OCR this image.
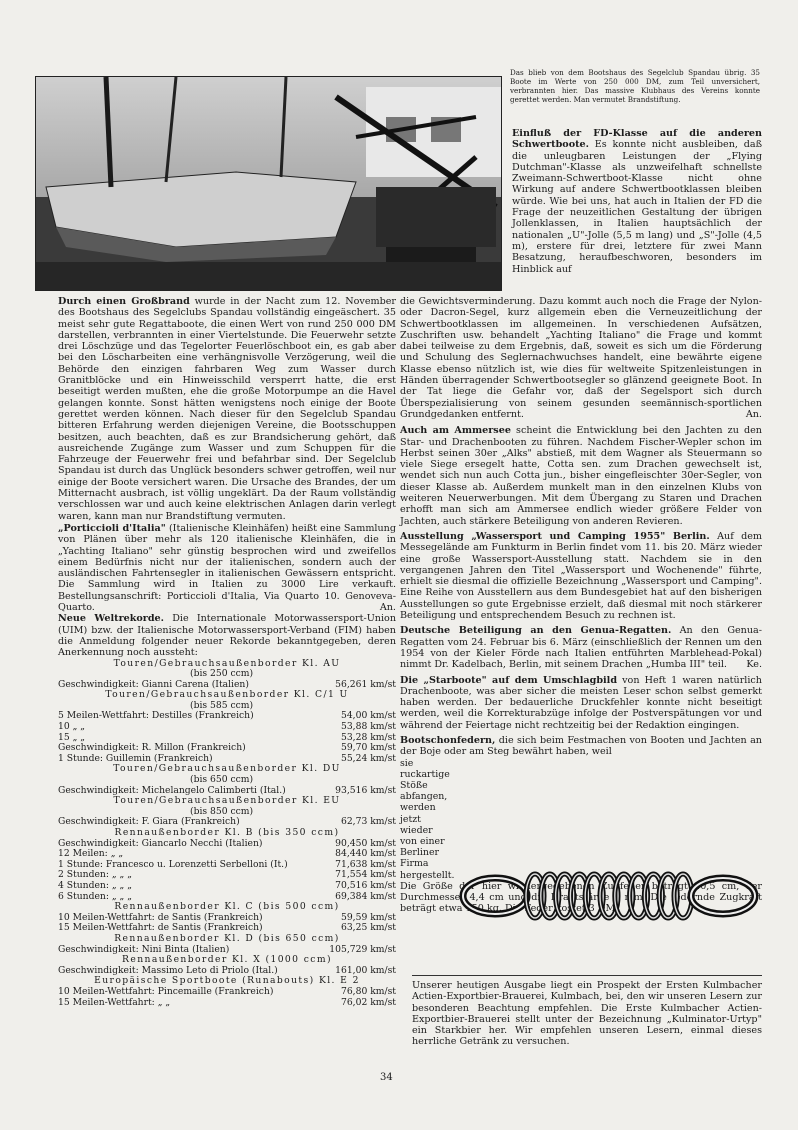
Das blieb von dem Bootshaus des Segelclub Spandau übrig. 35 Boote im Werte von 250 000 DM, zum Teil unversichert, verbrannten hier. Das massive Klubhaus des Vereins konnte gerettet werden. Man vermutet Brandstiftung.

Einfluß der FD-Klasse auf die anderen Schwertboote. Es konnte nicht ausbleiben, daß die unleugbaren Leistungen der „Flying Dutchman"-Klasse als unzweifelhaft schnellste Zweimann-Schwertboot-Klasse nicht ohne Wirkung auf andere Schwertbootklassen bleiben würde. Wie bei uns, hat auch in Italien der FD die Frage der neuzeitlichen Gestaltung der übrigen Jollenklassen, in Italien hauptsächlich der nationalen „U"-Jolle (5,5 m lang) und „S"-Jolle (4,5 m), erstere für drei, letztere für zwei Mann Besatzung, heraufbeschworen, besonders im Hinblick auf

Durch einen Großbrand wurde in der Nacht zum 12. November des Bootshaus des Segelclubs Spandau vollständig eingeäschert. 35 meist sehr gute Regattaboote, die einen Wert von rund 250 000 DM darstellen, verbrannten in einer Viertelstunde. Die Feuerwehr setzte drei Löschzüge und das Tegelorter Feuerlöschboot ein, es gab aber bei den Löscharbeiten eine verhängnisvolle Verzögerung, weil die Behörde den einzigen fahrbaren Weg zum Wasser durch Granitblöcke und ein Hinweisschild versperrt hatte, die erst beseitigt werden mußten, ehe die große Motorpumpe an die Havel gelangen konnte. Sonst hätten wenigstens noch einige der Boote gerettet werden können. Nach dieser für den Segelclub Spandau bitteren Erfahrung werden diejenigen Vereine, die Bootsschuppen besitzen, auch beachten, daß es zur Brandsicherung gehört, daß ausreichende Zugänge zum Wasser und zum Schuppen für die Fahrzeuge der Feuerwehr frei und befahrbar sind. Der Segelclub Spandau ist durch das Unglück besonders schwer getroffen, weil nur einige der Boote versichert waren. Die Ursache des Brandes, der um Mitternacht ausbrach, ist völlig ungeklärt. Da der Raum vollständig verschlossen war und auch keine elektrischen Anlagen darin verlegt waren, kann man nur Brandstiftung vermuten.

„Porticcioli d'Italia" (Italienische Kleinhäfen) heißt eine Sammlung von Plänen über mehr als 120 italienische Kleinhäfen, die in „Yachting Italiano" sehr günstig besprochen wird und zweifellos einem Bedürfnis nicht nur der italienischen, sondern auch der ausländischen Fahrtensegler in italienischen Gewässern entspricht. Die Sammlung wird in Italien zu 3000 Lire verkauft. Bestellungsanschrift: Porticcioli d'Italia, Via Quarto 10. Genoveva-Quarto.	An.

Neue Weltrekorde. Die Internationale Motorwassersport-Union (UIM) bzw. der Italienische Motorwassersport-Verband (FIM) haben die Anmeldung folgender neuer Rekorde bekanntgegeben, deren Anerkennung noch aussteht:

Touren/Gebrauchsaußenborder Kl. AU
(bis 250 ccm)
Geschwindigkeit: Gianni Carena (Italien)	56,261 km/st
Touren/Gebrauchsaußenborder Kl. C/1 U
(bis 585 ccm)
5 Meilen-Wettfahrt: Destilles (Frankreich)	54,00 km/st
10 „ „	53,88 km/st
15 „ „	53,28 km/st
Geschwindigkeit: R. Millon (Frankreich)	59,70 km/st
1 Stunde: Guillemin (Frankreich)	55,24 km/st
Touren/Gebrauchsaußenborder Kl. DU
(bis 650 ccm)
Geschwindigkeit: Michelangelo Calimberti (Ital.)	93,516 km/st
Touren/Gebrauchsaußenborder Kl. EU
(bis 850 ccm)
Geschwindigkeit: F. Giara (Frankreich)	62,73 km/st
Rennaußenborder Kl. B (bis 350 ccm)
Geschwindigkeit: Giancarlo Necchi (Italien)	90,450 km/st
12 Meilen: „ „	84,440 km/st
1 Stunde: Francesco u. Lorenzetti Serbelloni (It.)	71,638 km/st
2 Stunden: „ „ „	71,554 km/st
4 Stunden: „ „ „	70,516 km/st
6 Stunden: „ „ „	69,384 km/st
Rennaußenborder Kl. C (bis 500 ccm)
10 Meilen-Wettfahrt: de Santis (Frankreich)	59,59 km/st
15 Meilen-Wettfahrt: de Santis (Frankreich)	63,25 km/st
Rennaußenborder Kl. D (bis 650 ccm)
Geschwindigkeit: Nini Binta (Italien)	105,729 km/st
Rennaußenborder Kl. X (1000 ccm)
Geschwindigkeit: Massimo Leto di Priolo (Ital.)	161,00 km/st
Europäische Sportboote (Runabouts) Kl. E 2
10 Meilen-Wettfahrt: Pincemaille (Frankreich)	76,80 km/st
15 Meilen-Wettfahrt: „ „	76,02 km/st

die Gewichtsverminderung. Dazu kommt auch noch die Frage der Nylon- oder Dacron-Segel, kurz allgemein eben die Verneuzeitlichung der Schwertbootklassen im allgemeinen. In verschiedenen Aufsätzen, Zuschriften usw. behandelt „Yachting Italiano" die Frage und kommt dabei teilweise zu dem Ergebnis, daß, soweit es sich um die Förderung und Schulung des Seglernachwuchses handelt, eine bewährte eigene Klasse ebenso nützlich ist, wie dies für weltweite Spitzenleistungen in Händen überragender Schwertbootsegler so glänzend geeignete Boot. In der Tat liege die Gefahr vor, daß der Segelsport sich durch Überspezialisierung von seinem gesunden seemännisch-sportlichen Grundgedanken entfernt.	An.

Auch am Ammersee scheint die Entwicklung bei den Jachten zu den Star- und Drachenbooten zu führen. Nachdem Fischer-Wepler schon im Herbst seinen 30er „Alks" abstieß, mit dem Wagner als Steuermann so viele Siege ersegelt hatte, Cotta sen. zum Drachen gewechselt ist, wendet sich nun auch Cotta jun., bisher eingefleischter 30er-Segler, von dieser Klasse ab. Außerdem munkelt man in den einzelnen Klubs von weiteren Neuerwerbungen. Mit dem Übergang zu Staren und Drachen erhofft man sich am Ammersee endlich wieder größere Felder von Jachten, auch stärkere Beteiligung von anderen Revieren.

Ausstellung „Wassersport und Camping 1955" Berlin. Auf dem Messegelände am Funkturm in Berlin findet vom 11. bis 20. März wieder eine große Wassersport-Ausstellung statt. Nachdem sie in den vergangenen Jahren den Titel „Wassersport und Wochenende" führte, erhielt sie diesmal die offizielle Bezeichnung „Wassersport und Camping". Eine Reihe von Ausstellern aus dem Bundesgebiet hat auf den bisherigen Ausstellungen so gute Ergebnisse erzielt, daß diesmal mit noch stärkerer Beteiligung und entsprechendem Besuch zu rechnen ist.

Deutsche Beteiligung an den Genua-Regatten. An den Genua-Regatten vom 24. Februar bis 6. März (einschließlich der Rennen um den 1954 von der Kieler Förde nach Italien entführten Marblehead-Pokal) nimmt Dr. Kadelbach, Berlin, mit seinem Drachen „Humba III" teil. Ke.

Die „Starboote" auf dem Umschlagbild von Heft 1 waren natürlich Drachenboote, was aber sicher die meisten Leser schon selbst gemerkt haben werden. Der bedauerliche Druckfehler konnte nicht beseitigt werden, weil die Korrekturabzüge infolge der Postverspätungen vor und während der Feiertage nicht rechtzeitig bei der Redaktion eingingen.

Bootschonfedern, die sich beim Festmachen von Booten und Jachten an der Boje oder am Steg bewährt haben, weil

sie ruckartige Stöße abfangen, werden jetzt wieder von einer Berliner Firma hergestellt.

Die Größe der hier wiedergegebenen Zugfeder beträgt 10,5 cm, der Durchmesser 4,4 cm und die Drahtstärke 5 mm. Die federnde Zugkraft beträgt etwa 150 kg. Die Feder kostet 3 DM.

Unserer heutigen Ausgabe liegt ein Prospekt der Ersten Kulmbacher Actien-Exportbier-Brauerei, Kulmbach, bei, den wir unseren Lesern zur besonderen Beachtung empfehlen. Die Erste Kulmbacher Actien-Exportbier-Brauerei stellt unter der Bezeichnung „Kulminator-Urtyp" ein Starkbier her. Wir empfehlen unseren Lesern, einmal dieses herrliche Getränk zu versuchen.
34
